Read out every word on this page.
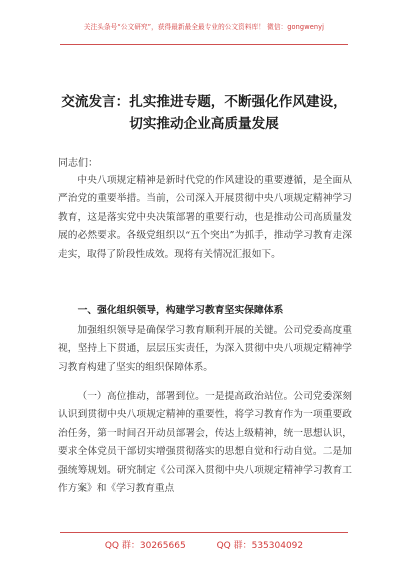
关注头条号“公文研究”，获得最新最全最专业的公文资料库！ 微信：gongwenyj
交流发言：扎实推进专题，不断强化作风建设，
切实推动企业高质量发展
同志们：

中央八项规定精神是新时代党的作风建设的重要遵循，是全面从严治党的重要举措。当前，公司深入开展贯彻中央八项规定精神学习教育，这是落实党中央决策部署的重要行动，也是推动公司高质量发展的必然要求。各级党组织以“五个突出”为抓手，推动学习教育走深走实，取得了阶段性成效。现将有关情况汇报如下。

一、强化组织领导，构建学习教育坚实保障体系

加强组织领导是确保学习教育顺利开展的关键。公司党委高度重视，坚持上下贯通，层层压实责任，为深入贯彻中央八项规定精神学习教育构建了坚实的组织保障体系。

（一）高位推动，部署到位。一是提高政治站位。公司党委深刻认识到贯彻中央八项规定精神的重要性，将学习教育作为一项重要政治任务，第一时间召开动员部署会，传达上级精神，统一思想认识，要求全体党员干部切实增强贯彻落实的思想自觉和行动自觉。二是加强统筹规划。研究制定《公司深入贯彻中央八项规定精神学习教育工作方案》和《学习教育重点

QQ 群：30265665	QQ 群：535304092
